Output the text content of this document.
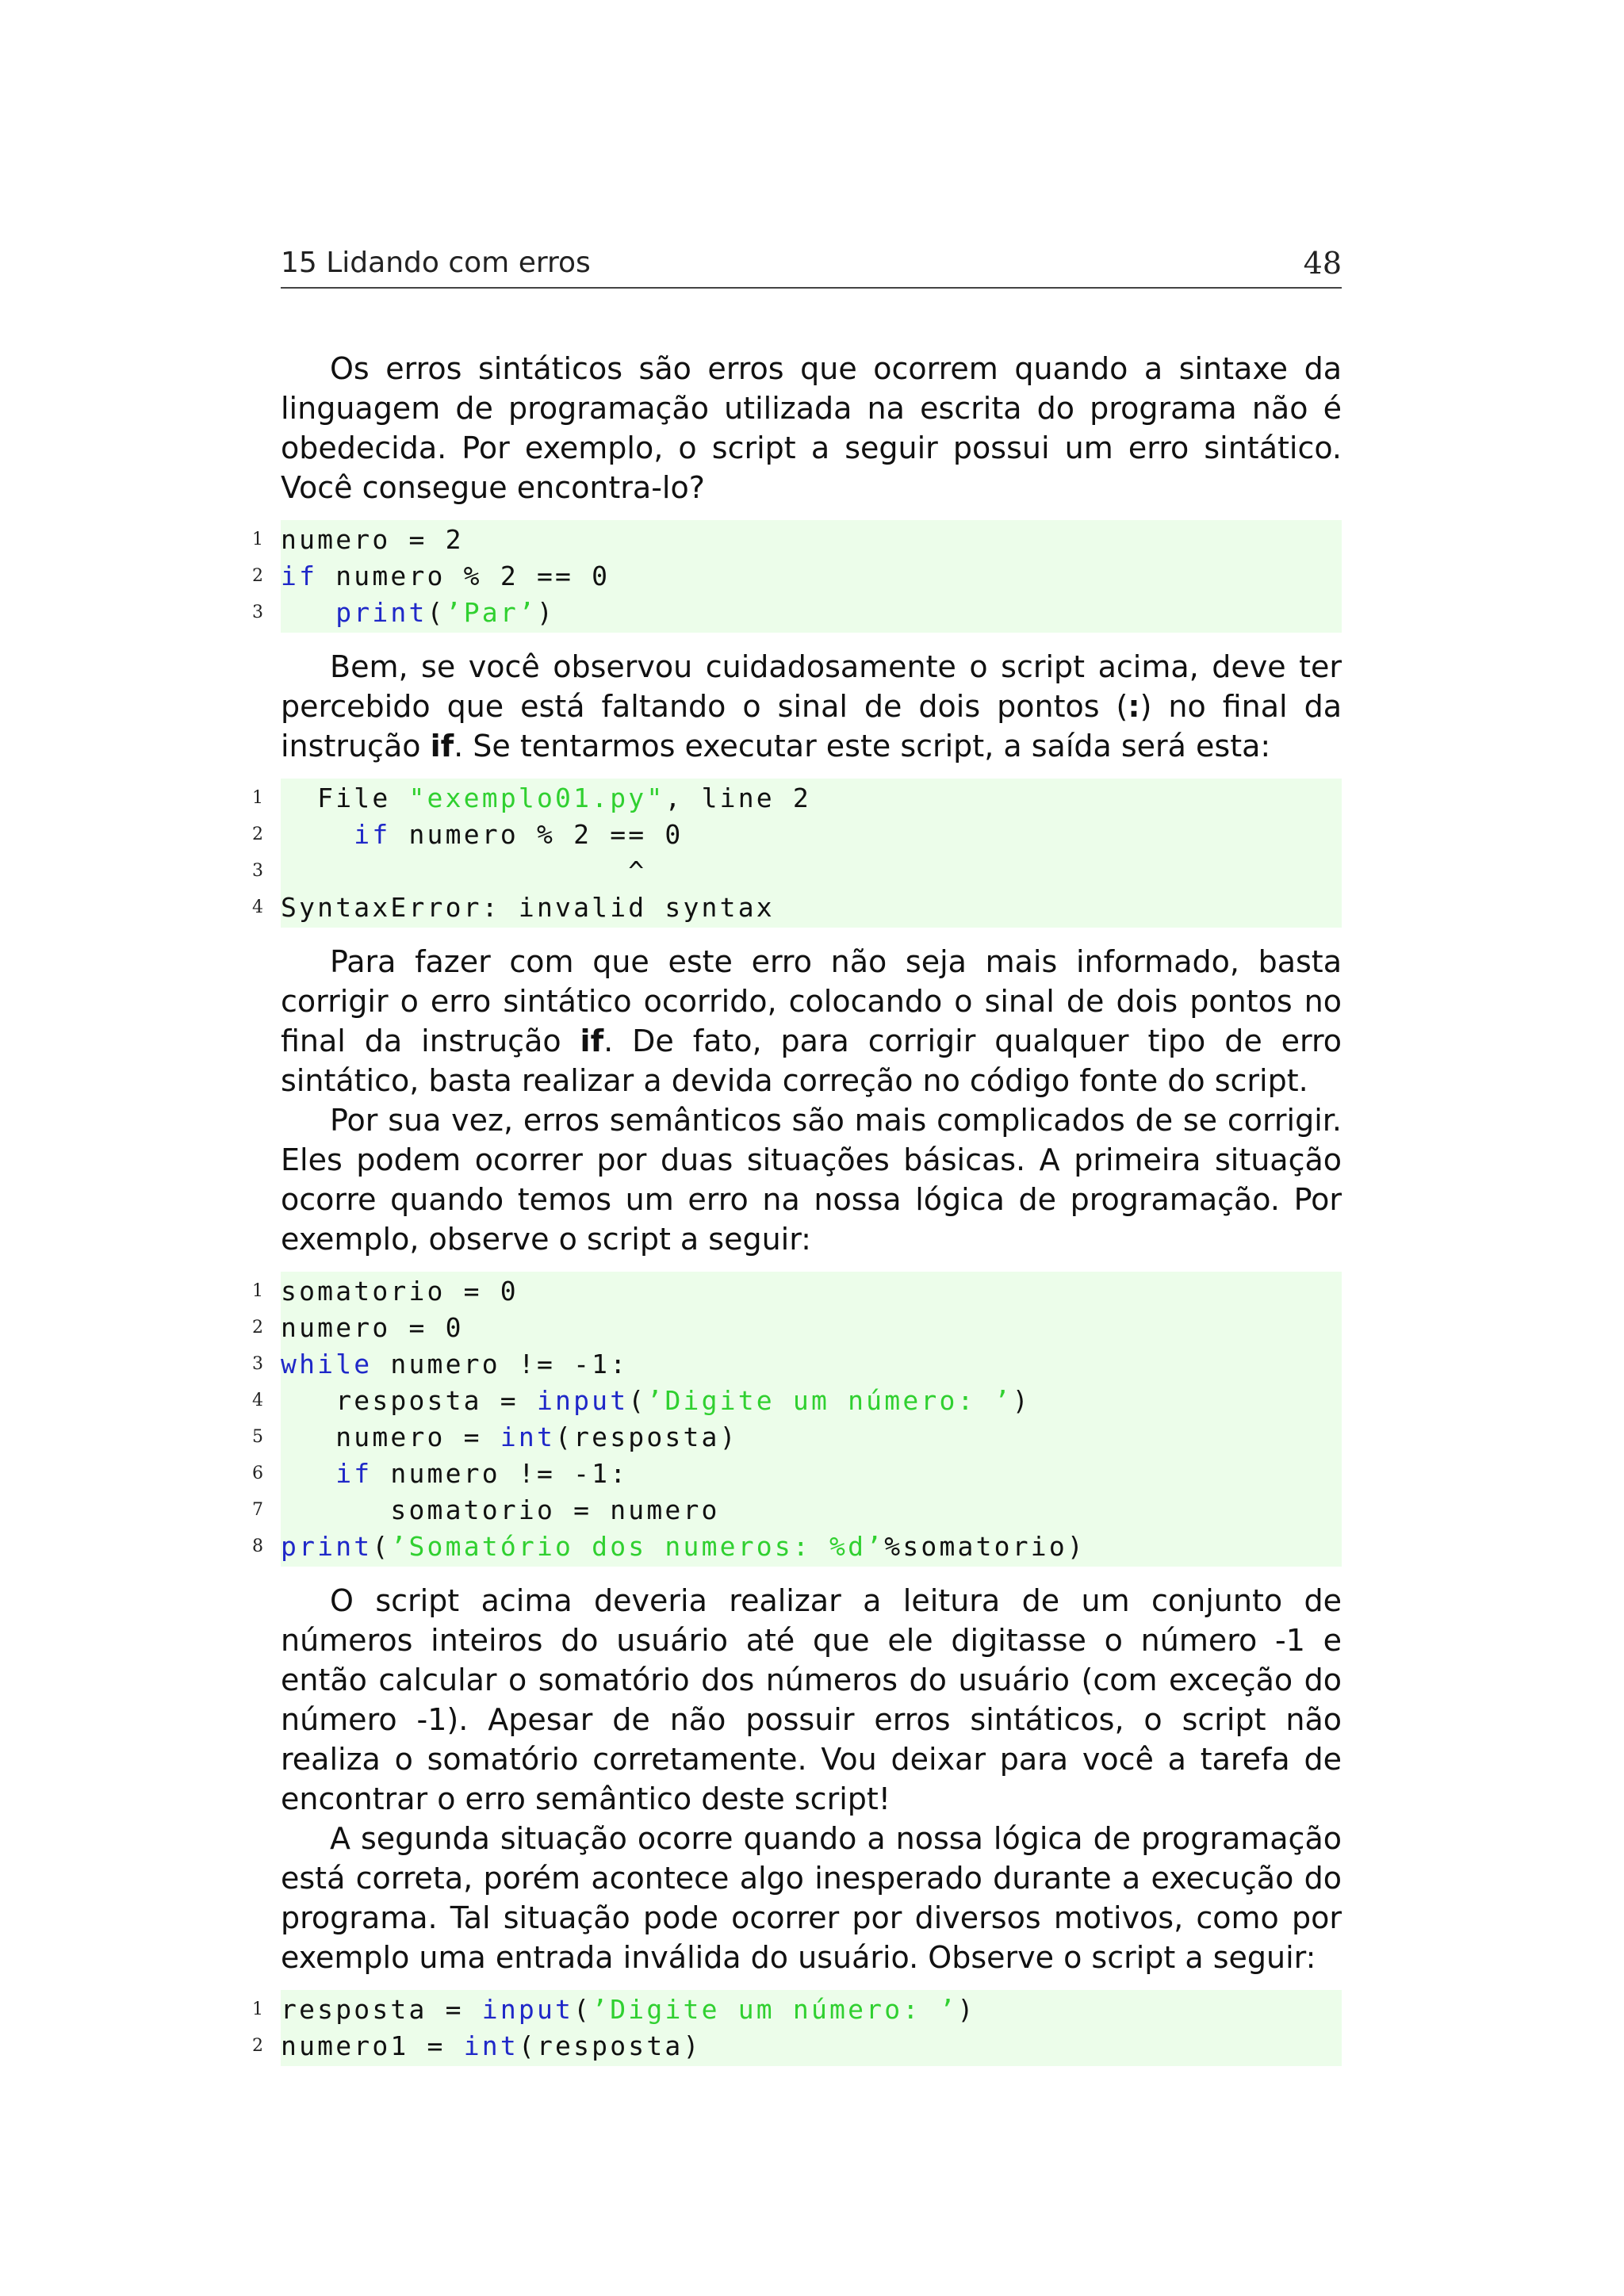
15 Lidando com erros	48

Os erros sintáticos são erros que ocorrem quando a sintaxe da linguagem de programação utilizada na escrita do programa não é obedecida. Por exemplo, o script a seguir possui um erro sintático. Você consegue encontra-lo?

1 numero = 2
2 if numero % 2 == 0
3	print(’Par’)

Bem, se você observou cuidadosamente o script acima, deve ter percebido que está faltando o sinal de dois pontos (:) no final da instrução if. Se tentarmos executar este script, a saída será esta:

1 File "exemplo01.py", line 2
2	if numero % 2 == 0
3 ^
4 SyntaxError: invalid syntax

Para fazer com que este erro não seja mais informado, basta corrigir o erro sintático ocorrido, colocando o sinal de dois pontos no final da instrução if. De fato, para corrigir qualquer tipo de erro sintático, basta realizar a devida correção no código fonte do script.

Por sua vez, erros semânticos são mais complicados de se corrigir. Eles podem ocorrer por duas situações básicas. A primeira situação ocorre quando temos um erro na nossa lógica de programação. Por exemplo, observe o script a seguir:

1 somatorio = 0
2 numero = 0
3 while numero != -1:
4 resposta = input(’Digite um número: ’)
5 numero = int(resposta)
6	if numero != -1:
7 somatorio = numero
8 print(’Somatório dos numeros: %d’%somatorio)

O script acima deveria realizar a leitura de um conjunto de números inteiros do usuário até que ele digitasse o número -1 e então calcular o somatório dos números do usuário (com exceção do número -1). Apesar de não possuir erros sintáticos, o script não realiza o somatório corretamente. Vou deixar para você a tarefa de encontrar o erro semântico deste script!

A segunda situação ocorre quando a nossa lógica de programação está correta, porém acontece algo inesperado durante a execução do programa. Tal situação pode ocorrer por diversos motivos, como por exemplo uma entrada inválida do usuário. Observe o script a seguir:

1 resposta = input(’Digite um número: ’)
2 numero1 = int(resposta)
